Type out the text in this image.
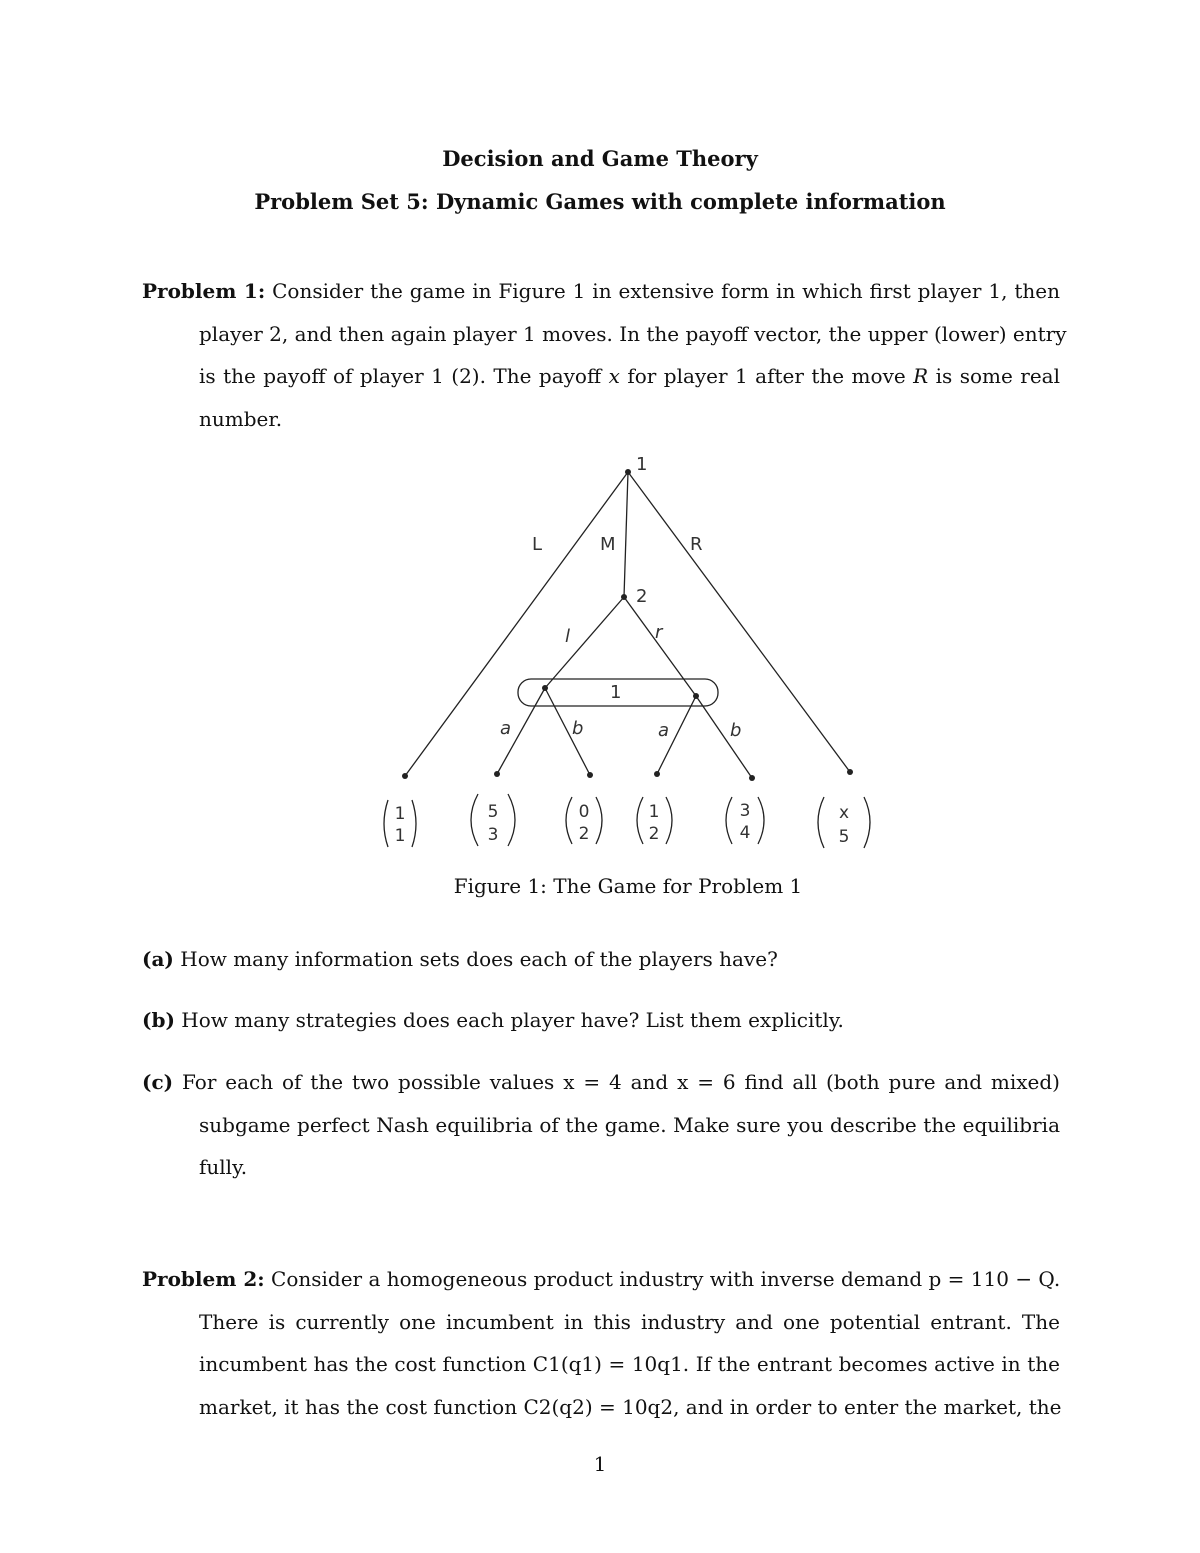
Decision and Game Theory
Problem Set 5: Dynamic Games with complete information
Problem 1: Consider the game in Figure 1 in extensive form in which first player 1, then
player 2, and then again player 1 moves. In the payoff vector, the upper (lower) entry
is the payoff of player 1 (2). The payoff x for player 1 after the move R is some real
number.
1
2
1
L	M	R
l	r
a	b	a	b
1
1
5
3
0
2
1
2
3
4
x
5
Figure 1: The Game for Problem 1
(a) How many information sets does each of the players have?
(b) How many strategies does each player have? List them explicitly.
(c) For each of the two possible values x = 4 and x = 6 find all (both pure and mixed)
subgame perfect Nash equilibria of the game. Make sure you describe the equilibria
fully.
Problem 2: Consider a homogeneous product industry with inverse demand p = 110 − Q.
There is currently one incumbent in this industry and one potential entrant. The
incumbent has the cost function C1(q1) = 10q1. If the entrant becomes active in the
market, it has the cost function C2(q2) = 10q2, and in order to enter the market, the
1
